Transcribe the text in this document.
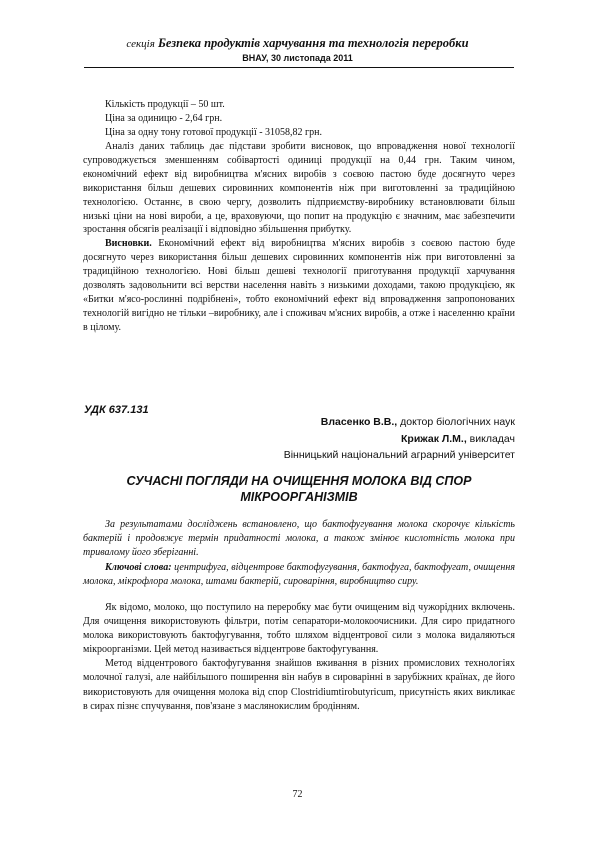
секція Безпека продуктів харчування та технологія переробки
ВНАУ, 30 листопада 2011
Кількість продукції – 50 шт.
Ціна за одиницю - 2,64 грн.
Ціна за одну тону готової продукції - 31058,82 грн.

Аналіз даних таблиць дає підстави зробити висновок, що впровадження нової технології супроводжується зменшенням собівартості одиниці продукції на 0,44 грн. Таким чином, економічний ефект від виробництва м'ясних виробів з соєвою пастою буде досягнуто через використання більш дешевих сировинних компонентів ніж при виготовленні за традиційною технологією. Останнє, в свою чергу, дозволить підприємству-виробнику встановлювати більш низькі ціни на нові вироби, а це, враховуючи, що попит на продукцію є значним, має забезпечити зростання обсягів реалізації і відповідно збільшення прибутку.

Висновки. Економічний ефект від виробництва м'ясних виробів з соєвою пастою буде досягнуто через використання більш дешевих сировинних компонентів ніж при виготовленні за традиційною технологією. Нові більш дешеві технології приготування продукції харчування дозволять задовольнити всі верстви населення навіть з низькими доходами, такою продукцією, як «Битки м'ясо-рослинні подрібнені», тобто економічний ефект від впровадження запропонованих технологій вигідно не тільки –виробнику, але і споживач м'ясних виробів, а отже і населенню країни в цілому.

УДК 637.131
Власенко В.В., доктор біологічних наук
Крижак Л.М., викладач
Вінницький національний аграрний університет
СУЧАСНІ ПОГЛЯДИ НА ОЧИЩЕННЯ МОЛОКА ВІД СПОР МІКРООРГАНІЗМІВ

За результатами досліджень встановлено, що бактофугування молока скорочує кількість бактерій і продовжує термін придатності молока, а також змінює кислотність молока при тривалому його зберіганні.

Ключові слова: центрифуга, відцентрове бактофугування, бактофуга, бактофугат, очищення молока, мікрофлора молока, штами бактерій, сироваріння, виробництво сиру.

Як відомо, молоко, що поступило на переробку має бути очищеним від чужорідних включень. Для очищення використовують фільтри, потім сепаратори-молокоочисники. Для сиро придатного молока використовують бактофугування, тобто шляхом відцентрової сили з молока видаляються мікроорганізми. Цей метод називається відцентрове бактофугування.

Метод відцентрового бактофугування знайшов вживання в різних промислових технологіях молочної галузі, але найбільшого поширення він набув в сироварінні в зарубіжних країнах, де його використовують для очищення молока від спор Clostridiumtirobutyricum, присутність яких викликає в сирах пізнє спучування, пов'язане з маслянокислим бродінням.

72
